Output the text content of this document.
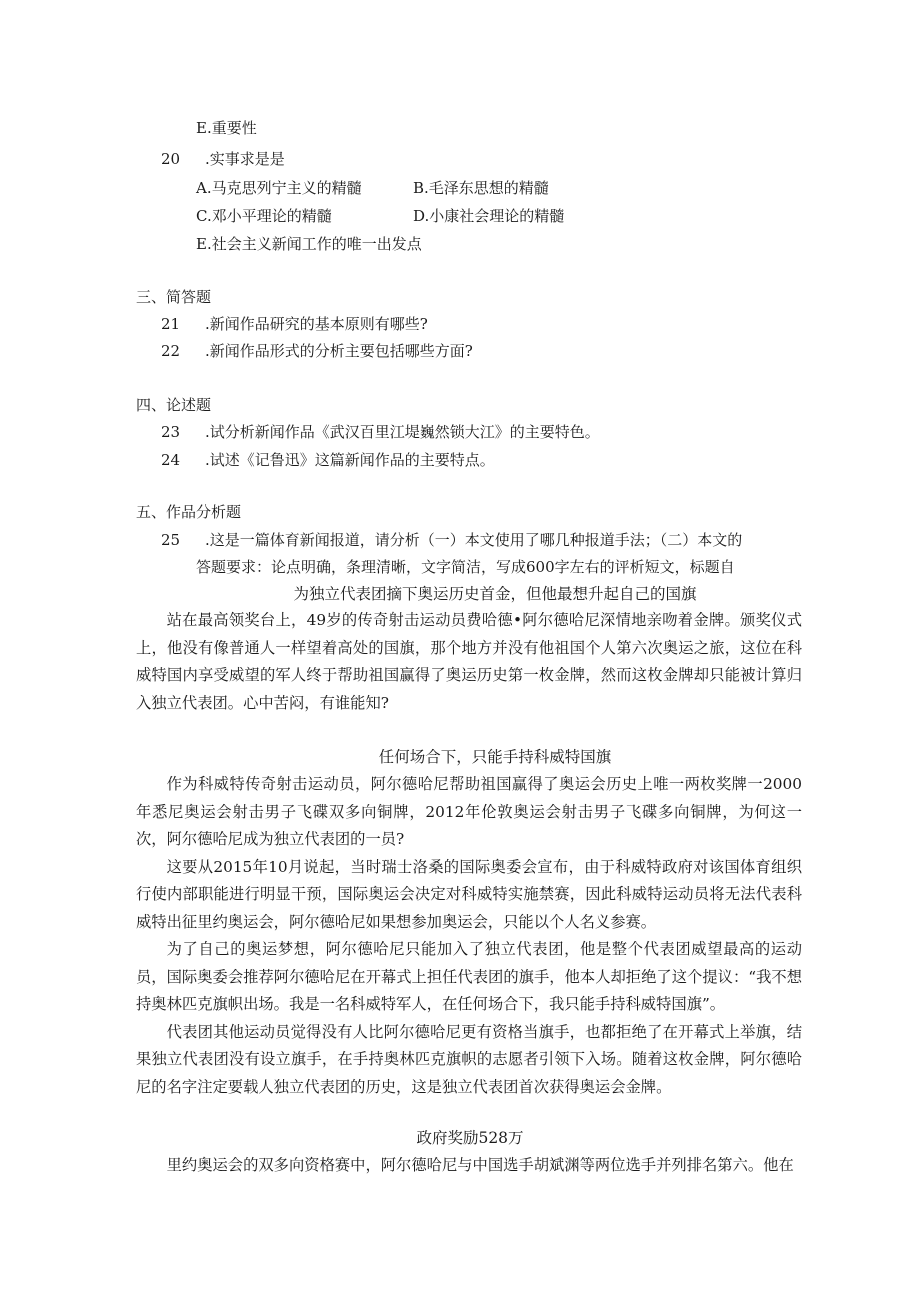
E.重要性
20 .实事求是是
A.马克思列宁主义的精髓	B.毛泽东思想的精髓
C.邓小平理论的精髓	D.小康社会理论的精髓
E.社会主义新闻工作的唯一出发点
三、简答题
21 .新闻作品研究的基本原则有哪些?
22 .新闻作品形式的分析主要包括哪些方面?
四、论述题
23 .试分析新闻作品《武汉百里江堤巍然锁大江》的主要特色。
24 .试述《记鲁迅》这篇新闻作品的主要特点。
五、作品分析题
25 .这是一篇体育新闻报道，请分析（一）本文使用了哪几种报道手法；（二）本文的
答题要求：论点明确，条理清晰，文字简洁，写成600字左右的评析短文，标题自
为独立代表团摘下奥运历史首金，但他最想升起自己的国旗

站在最高领奖台上，49岁的传奇射击运动员费哈德•阿尔德哈尼深情地亲吻着金牌。颁奖仪式上，他没有像普通人一样望着高处的国旗，那个地方并没有他祖国个人第六次奥运之旅，这位在科威特国内享受威望的军人终于帮助祖国赢得了奥运历史第一枚金牌，然而这枚金牌却只能被计算归入独立代表团。心中苦闷，有谁能知?

任何场合下，只能手持科威特国旗

作为科威特传奇射击运动员，阿尔德哈尼帮助祖国赢得了奥运会历史上唯一两枚奖牌一2000年悉尼奥运会射击男子飞碟双多向铜牌，2012年伦敦奥运会射击男子飞碟多向铜牌，为何这一次，阿尔德哈尼成为独立代表团的一员?

这要从2015年10月说起，当时瑞士洛桑的国际奥委会宣布，由于科威特政府对该国体育组织行使内部职能进行明显干预，国际奥运会决定对科威特实施禁赛，因此科威特运动员将无法代表科威特出征里约奥运会，阿尔德哈尼如果想参加奥运会，只能以个人名义参赛。

为了自己的奥运梦想，阿尔德哈尼只能加入了独立代表团，他是整个代表团威望最高的运动员，国际奥委会推荐阿尔德哈尼在开幕式上担任代表团的旗手，他本人却拒绝了这个提议：“我不想持奥林匹克旗帜出场。我是一名科威特军人，在任何场合下，我只能手持科威特国旗”。

代表团其他运动员觉得没有人比阿尔德哈尼更有资格当旗手，也都拒绝了在开幕式上举旗，结果独立代表团没有设立旗手，在手持奥林匹克旗帜的志愿者引领下入场。随着这枚金牌，阿尔德哈尼的名字注定要载人独立代表团的历史，这是独立代表团首次获得奥运会金牌。

政府奖励528万

里约奥运会的双多向资格赛中，阿尔德哈尼与中国选手胡斌渊等两位选手并列排名第六。他在
